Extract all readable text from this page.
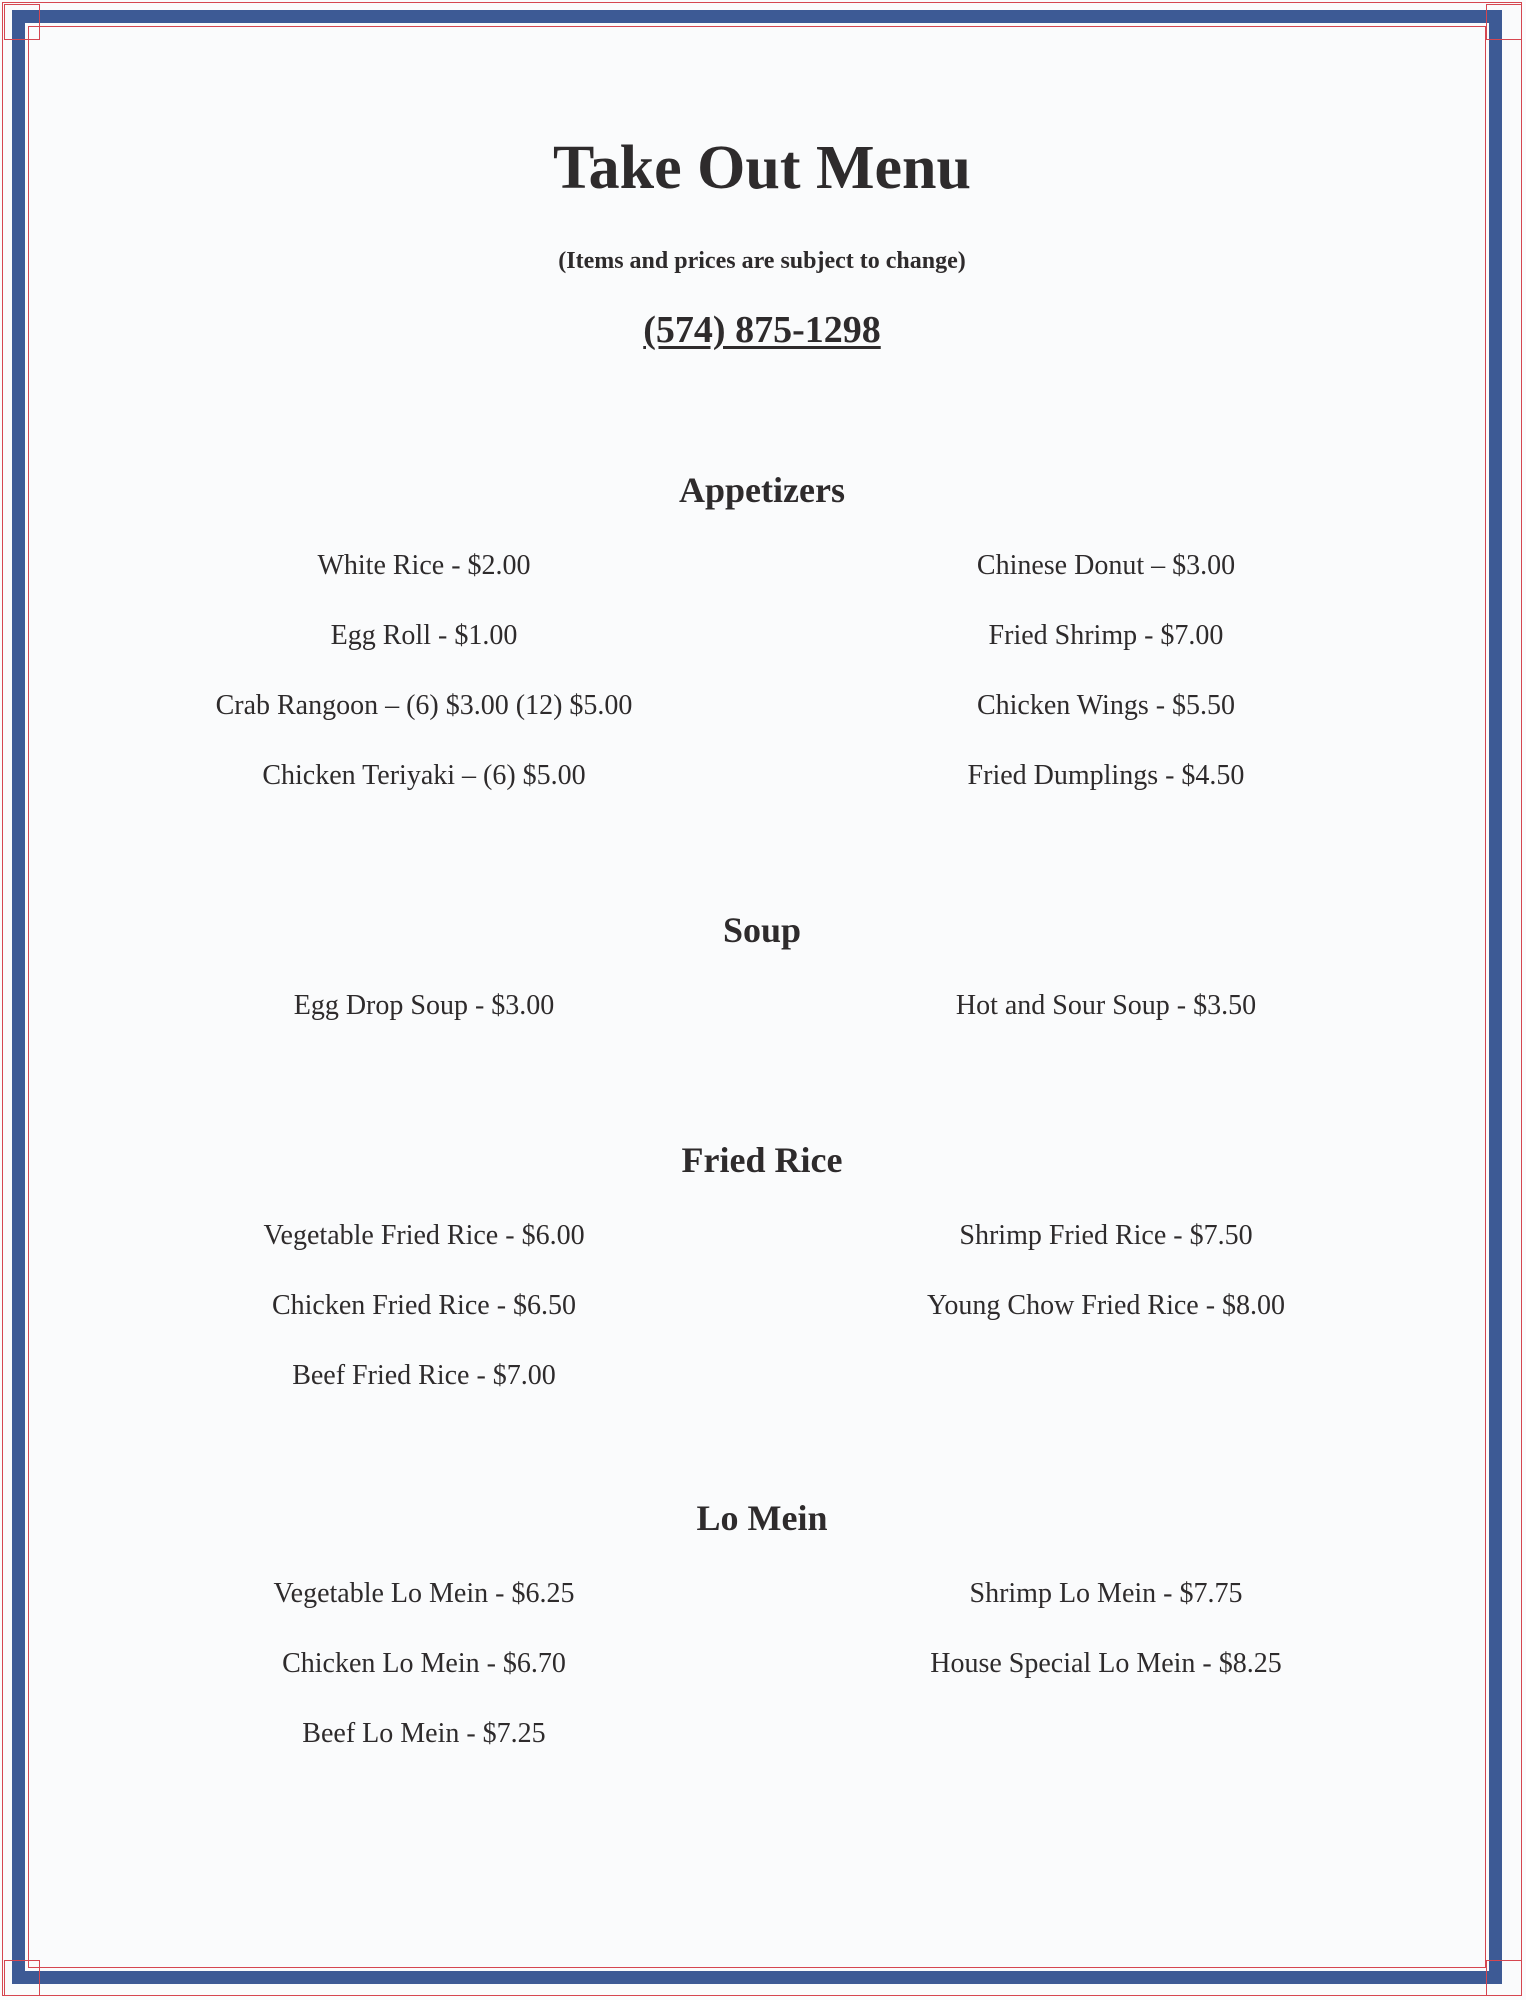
Take Out Menu
(Items and prices are subject to change)
(574) 875-1298
Appetizers
White Rice - $2.00
Egg Roll - $1.00
Crab Rangoon – (6) $3.00 (12) $5.00
Chicken Teriyaki – (6) $5.00
Chinese Donut – $3.00
Fried Shrimp - $7.00
Chicken Wings - $5.50
Fried Dumplings - $4.50
Soup
Egg Drop Soup - $3.00	Hot and Sour Soup - $3.50
Fried Rice
Vegetable Fried Rice - $6.00
Chicken Fried Rice - $6.50
Beef Fried Rice - $7.00
Shrimp Fried Rice - $7.50
Young Chow Fried Rice - $8.00
Lo Mein
Vegetable Lo Mein - $6.25
Chicken Lo Mein - $6.70
Beef Lo Mein - $7.25
Shrimp Lo Mein - $7.75
House Special Lo Mein - $8.25
